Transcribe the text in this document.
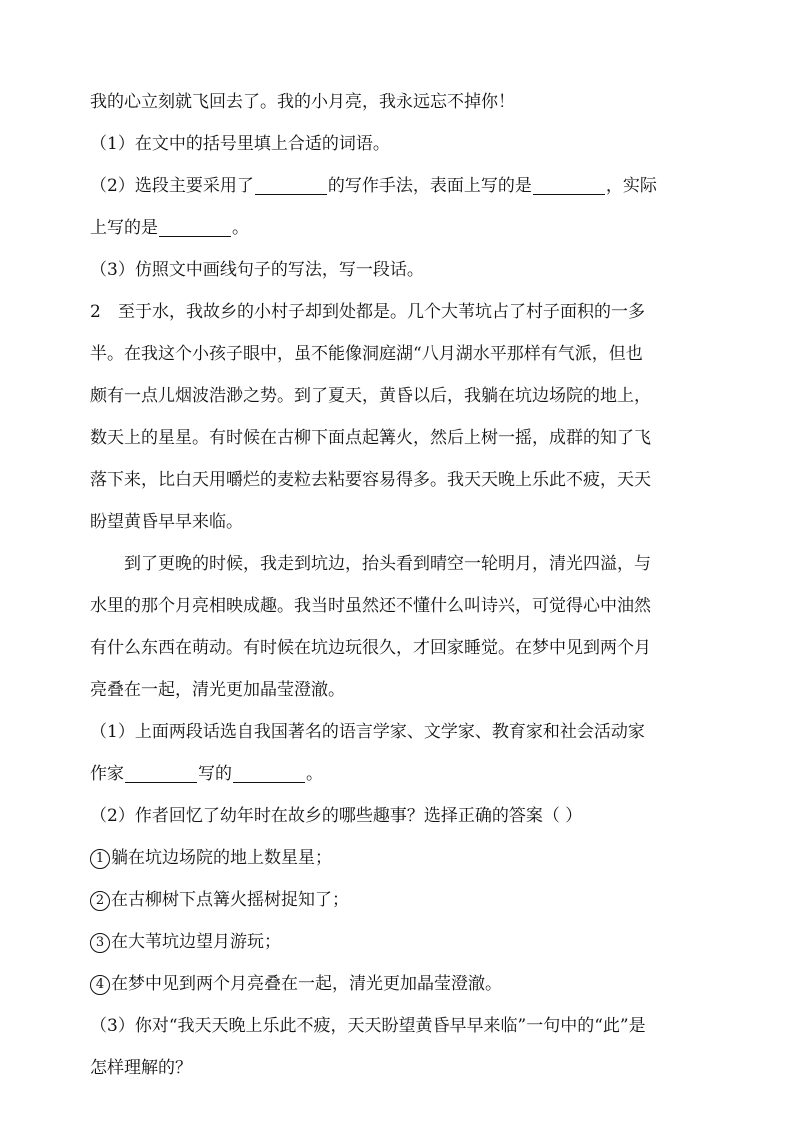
我的心立刻就飞回去了。我的小月亮，我永远忘不掉你！
（1）在文中的括号里填上合适的词语。
（2）选段主要采用了	的写作手法，表面上写的是	，实际
上写的是	。
（3）仿照文中画线句子的写法，写一段话。
2 至于水，我故乡的小村子却到处都是。几个大苇坑占了村子面积的一多
半。在我这个小孩子眼中，虽不能像洞庭湖“八月湖水平那样有气派，但也
颇有一点儿烟波浩渺之势。到了夏天，黄昏以后，我躺在坑边场院的地上，
数天上的星星。有时候在古柳下面点起篝火，然后上树一摇，成群的知了飞
落下来，比白天用嚼烂的麦粒去粘要容易得多。我天天晚上乐此不疲，天天
盼望黄昏早早来临。
到了更晚的时候，我走到坑边，抬头看到晴空一轮明月，清光四溢，与
水里的那个月亮相映成趣。我当时虽然还不懂什么叫诗兴，可觉得心中油然
有什么东西在萌动。有时候在坑边玩很久，才回家睡觉。在梦中见到两个月
亮叠在一起，清光更加晶莹澄澈。
（1）上面两段话选自我国著名的语言学家、文学家、教育家和社会活动家
作家	写的	。
（2）作者回忆了幼年时在故乡的哪些趣事？选择正确的答案（ ）
1 躺在坑边场院的地上数星星；
2 在古柳树下点篝火摇树捉知了；
3 在大苇坑边望月游玩；
4 在梦中见到两个月亮叠在一起，清光更加晶莹澄澈。
（3）你对“我天天晚上乐此不疲，天天盼望黄昏早早来临”一句中的“此”是
怎样理解的？
